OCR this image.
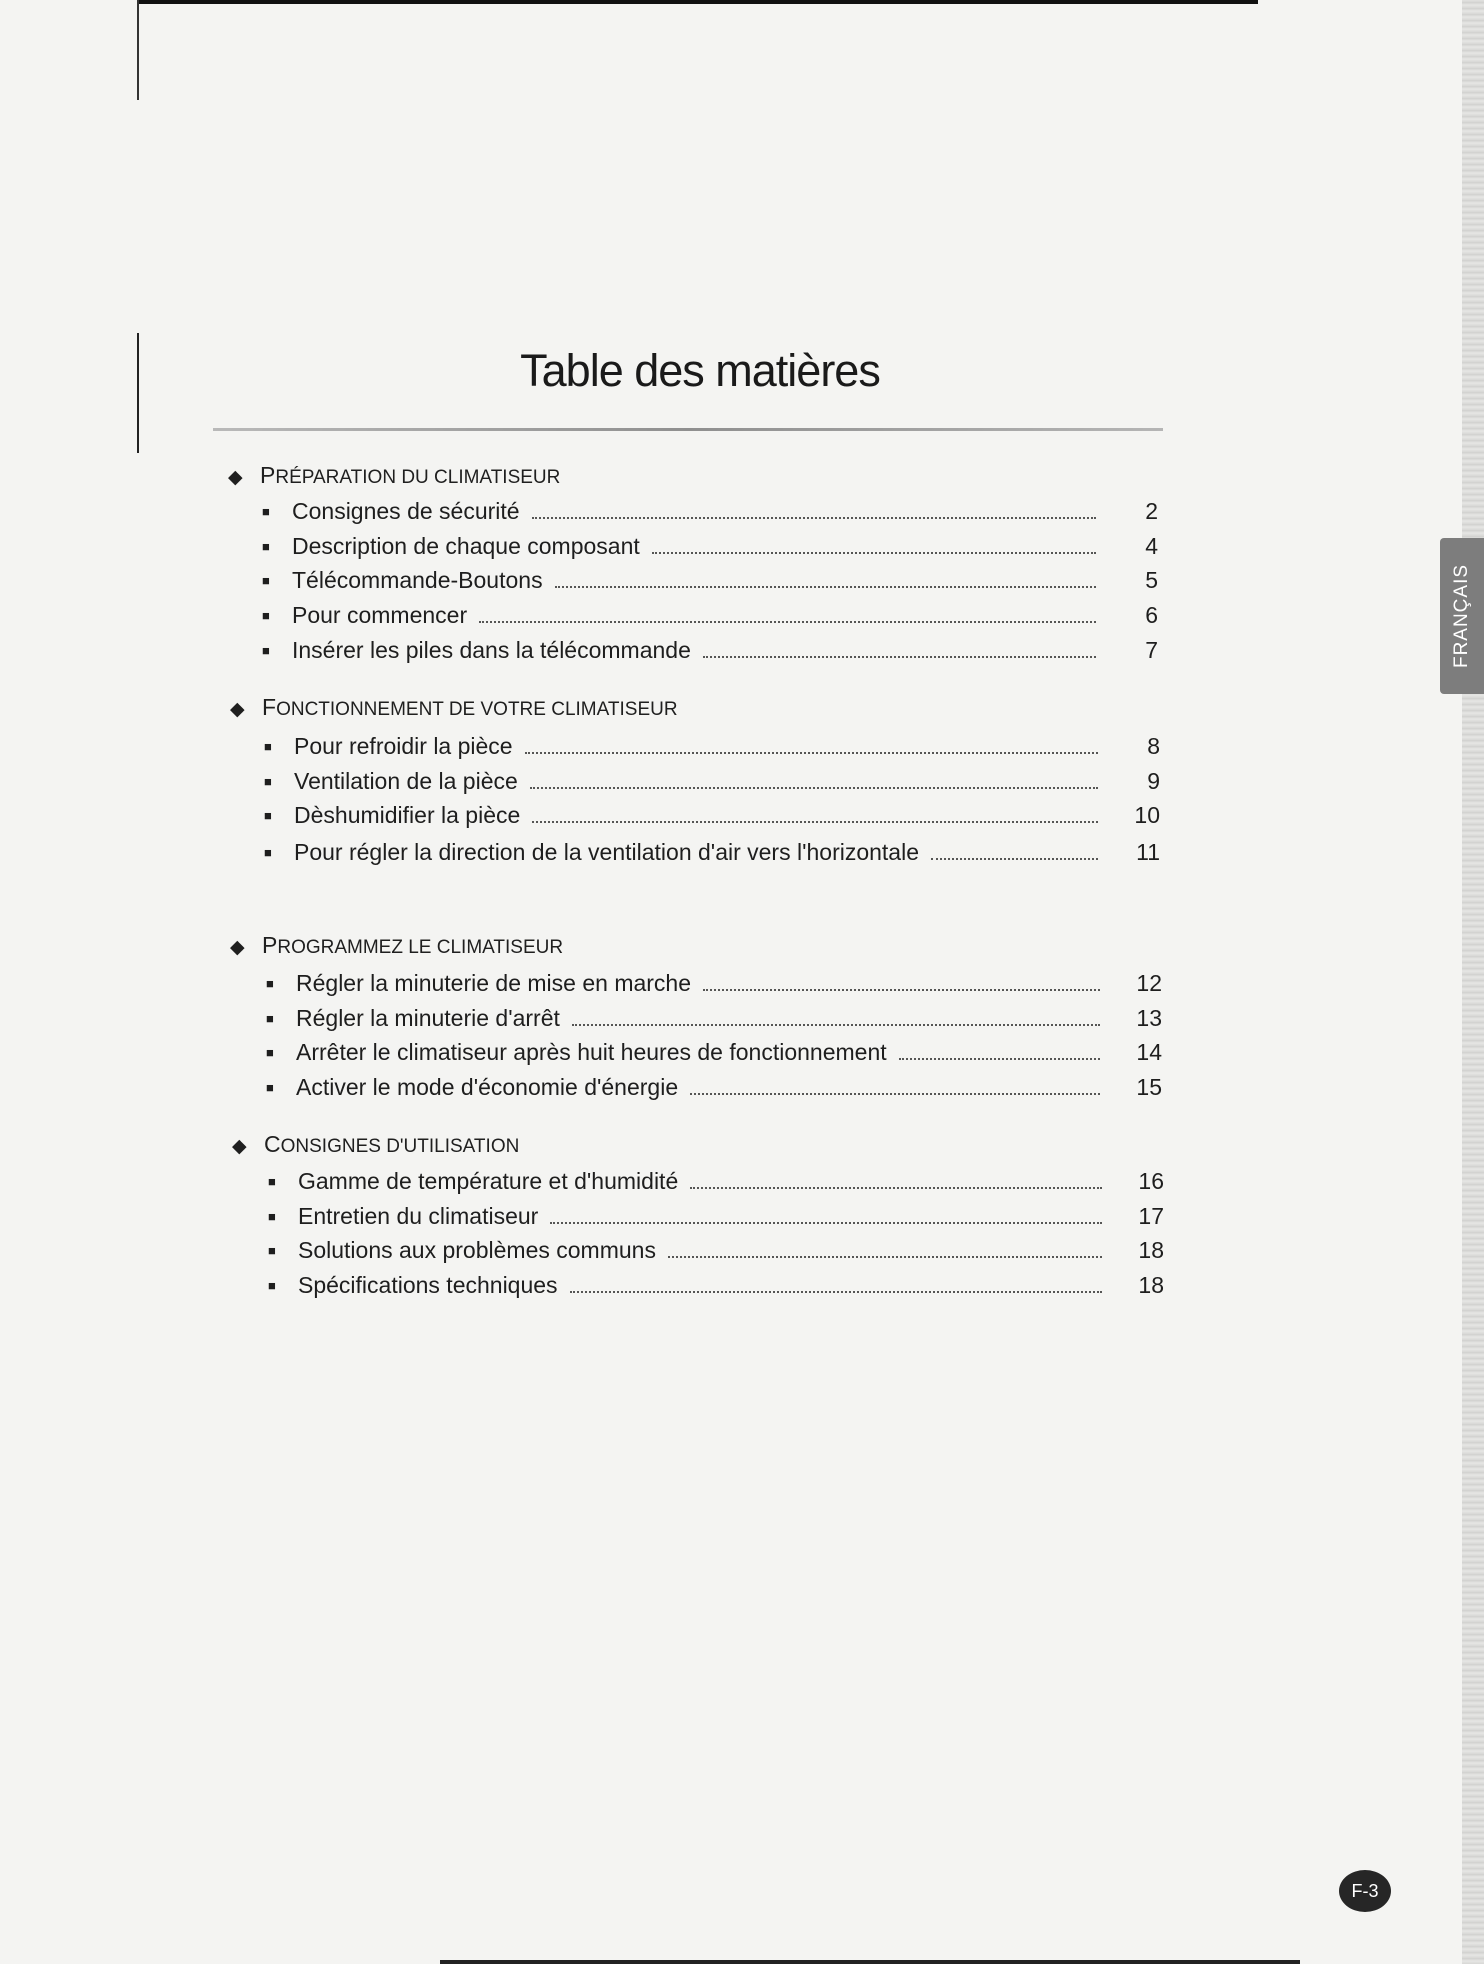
Table des matières
◆ PRÉPARATION DU CLIMATISEUR
■ Consignes de sécurité	2
■ Description de chaque composant	4
■ Télécommande-Boutons	5
■ Pour commencer	6
■ Insérer les piles dans la télécommande	7
◆ FONCTIONNEMENT DE VOTRE CLIMATISEUR
■ Pour refroidir la pièce	8
■ Ventilation de la pièce	9
■ Dèshumidifier la pièce	10
■ Pour régler la direction de la ventilation d'air vers l'horizontale	11
◆ PROGRAMMEZ LE CLIMATISEUR
■ Régler la minuterie de mise en marche	12
■ Régler la minuterie d'arrêt	13
■ Arrêter le climatiseur après huit heures de fonctionnement	14
■ Activer le mode d'économie d'énergie	15
◆ CONSIGNES D'UTILISATION
■ Gamme de température et d'humidité	16
■ Entretien du climatiseur	17
■ Solutions aux problèmes communs	18
■ Spécifications techniques	18
FRANÇAIS
F-3
